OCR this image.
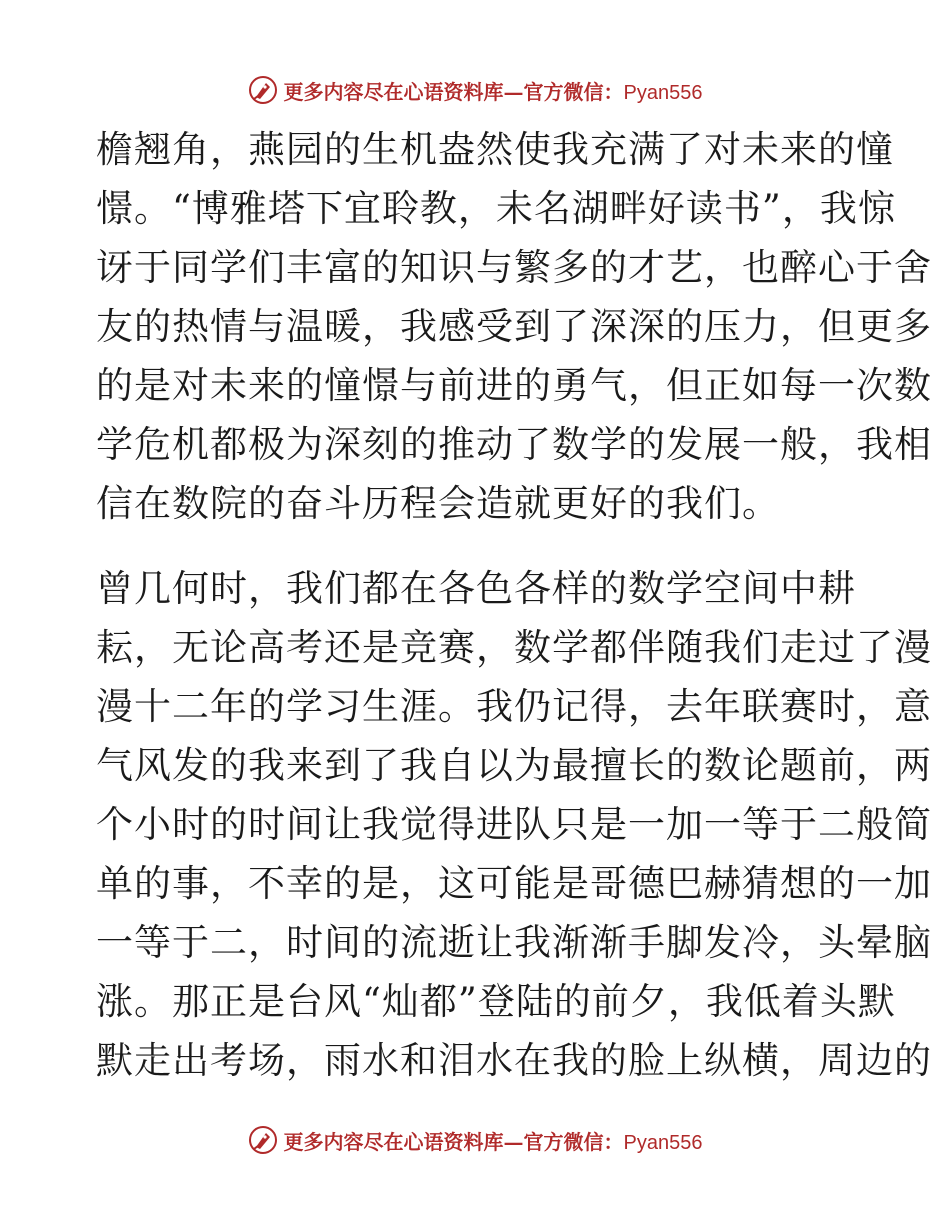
更多内容尽在心语资料库—官方微信：Pyan556
檐翘角，燕园的生机盎然使我充满了对未来的憧
憬。“博雅塔下宜聆教，未名湖畔好读书”，我惊
讶于同学们丰富的知识与繁多的才艺，也醉心于舍
友的热情与温暖，我感受到了深深的压力，但更多
的是对未来的憧憬与前进的勇气，但正如每一次数
学危机都极为深刻的推动了数学的发展一般，我相
信在数院的奋斗历程会造就更好的我们。
曾几何时，我们都在各色各样的数学空间中耕
耘，无论高考还是竞赛，数学都伴随我们走过了漫
漫十二年的学习生涯。我仍记得，去年联赛时，意
气风发的我来到了我自以为最擅长的数论题前，两
个小时的时间让我觉得进队只是一加一等于二般简
单的事，不幸的是，这可能是哥德巴赫猜想的一加
一等于二，时间的流逝让我渐渐手脚发冷，头晕脑
涨。那正是台风“灿都”登陆的前夕，我低着头默
默走出考场，雨水和泪水在我的脸上纵横，周边的
更多内容尽在心语资料库—官方微信：Pyan556
